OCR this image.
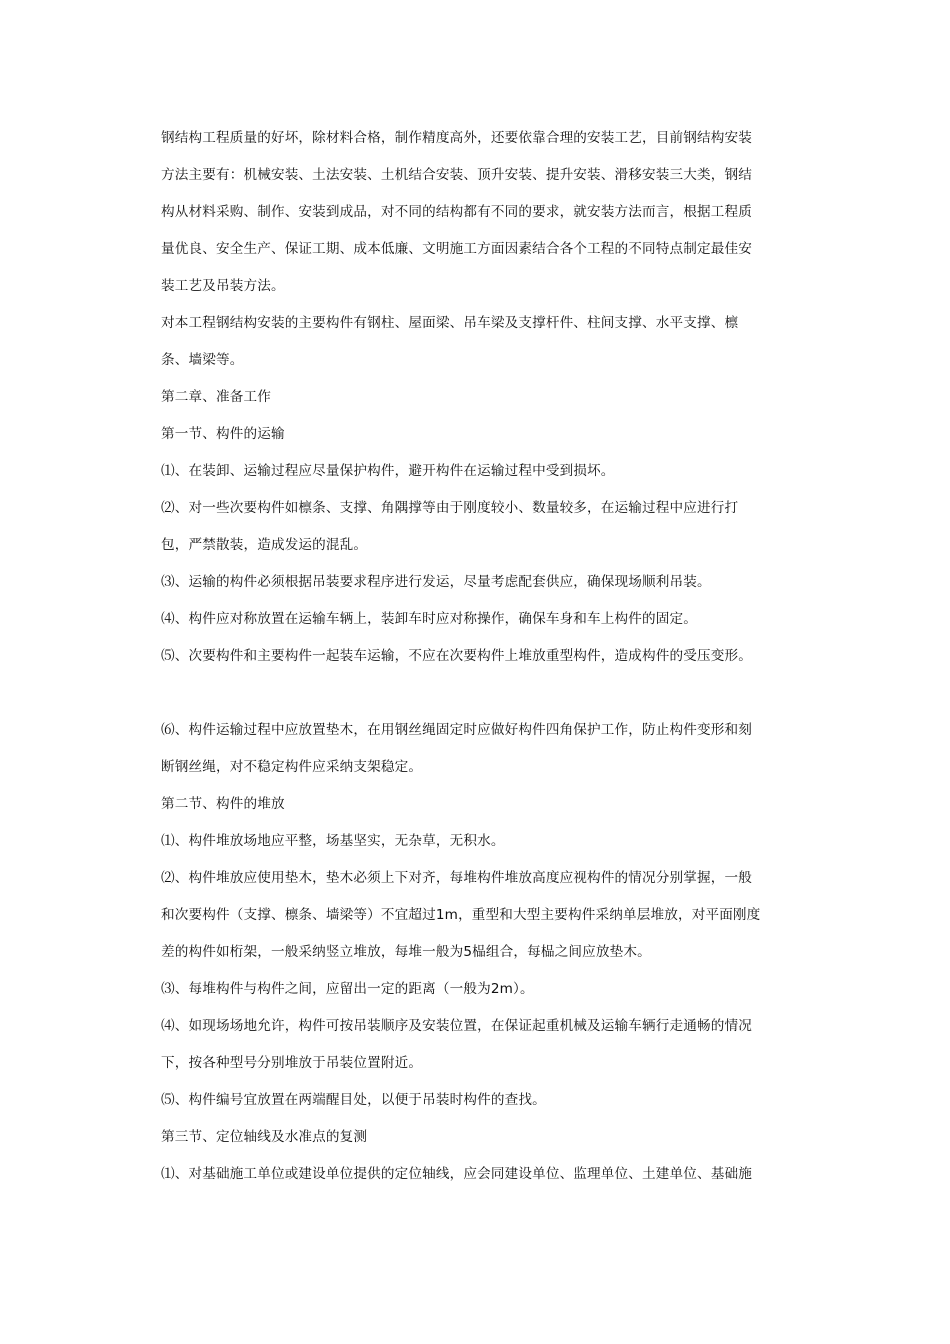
钢结构工程质量的好坏，除材料合格，制作精度高外，还要依靠合理的安装工艺，目前钢结构安装
方法主要有：机械安装、土法安装、土机结合安装、顶升安装、提升安装、滑移安装三大类，钢结
构从材料采购、制作、安装到成品，对不同的结构都有不同的要求，就安装方法而言，根据工程质
量优良、安全生产、保证工期、成本低廉、文明施工方面因素结合各个工程的不同特点制定最佳安
装工艺及吊装方法。
对本工程钢结构安装的主要构件有钢柱、屋面梁、吊车梁及支撑杆件、柱间支撑、水平支撑、檩
条、墙梁等。
第二章、准备工作
第一节、构件的运输
⑴、在装卸、运输过程应尽量保护构件，避开构件在运输过程中受到损坏。
⑵、对一些次要构件如檩条、支撑、角隅撑等由于刚度较小、数量较多，在运输过程中应进行打
包，严禁散装，造成发运的混乱。
⑶、运输的构件必须根据吊装要求程序进行发运，尽量考虑配套供应，确保现场顺利吊装。
⑷、构件应对称放置在运输车辆上，装卸车时应对称操作，确保车身和车上构件的固定。
⑸、次要构件和主要构件一起装车运输，不应在次要构件上堆放重型构件，造成构件的受压变形。
⑹、构件运输过程中应放置垫木，在用钢丝绳固定时应做好构件四角保护工作，防止构件变形和刻
断钢丝绳，对不稳定构件应采纳支架稳定。
第二节、构件的堆放
⑴、构件堆放场地应平整，场基坚实，无杂草，无积水。
⑵、构件堆放应使用垫木，垫木必须上下对齐，每堆构件堆放高度应视构件的情况分别掌握，一般
和次要构件（支撑、檩条、墙梁等）不宜超过1m，重型和大型主要构件采纳单层堆放，对平面刚度
差的构件如桁架，一般采纳竖立堆放，每堆一般为5榀组合，每榀之间应放垫木。
⑶、每堆构件与构件之间，应留出一定的距离（一般为2m）。
⑷、如现场场地允许，构件可按吊装顺序及安装位置，在保证起重机械及运输车辆行走通畅的情况
下，按各种型号分别堆放于吊装位置附近。
⑸、构件编号宜放置在两端醒目处，以便于吊装时构件的查找。
第三节、定位轴线及水准点的复测
⑴、对基础施工单位或建设单位提供的定位轴线，应会同建设单位、监理单位、土建单位、基础施
